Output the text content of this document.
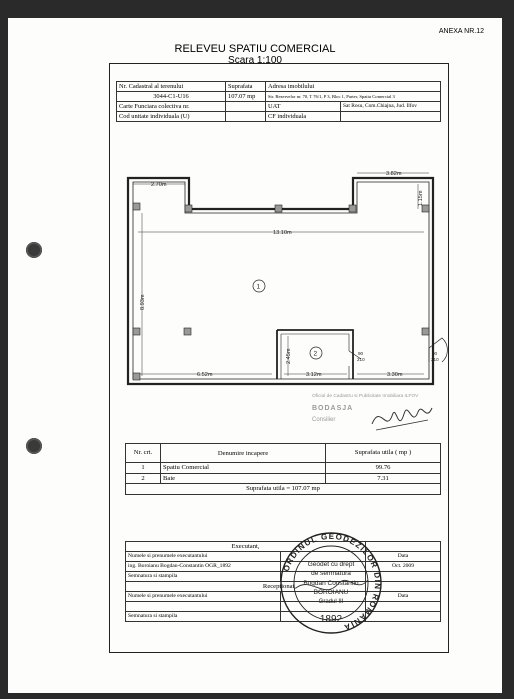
ANEXA NR.12
RELEVEU SPATIU COMERCIAL
Scara 1:100
Nr. Cadastral al terenului	Suprafata	Adresa imobilului	
3044-C1-U16	107.07 mp	Str. Rezervelor nr. 70, T 76/1, P 3, Bloc 1, Parter, Spatiu Comercial 3	
Carte Funciara colectiva nr.		UAT	Sat Rosu, Com.Chiajna, Jud. Ilfov
Cod unitate individuala (U)		CF individuala	
2.70m
3.82m
1.15m
13.10m
8.93m
2.45m
6.52m	3.12m	3.30m
1
2	90
210
90
210
Oficiul de Cadastru si Publicitate Imobiliara ILFOV
BODASJA
Consilier
Nr. crt.	Denumire incapere	Suprafata utila ( mp )
1	Spatiu Comercial	99.76
2	Baie	7.31
Suprafata utila = 107.07 mp		
Executant,		
Numele si prenumele executantului		Data
ing. Boroianu Bogdan-Constantin OGR_1892		Oct. 2009
Semnatura si stampila		
Receptionat,		
Numele si prenumele executantului		Data

Semnatura si stampila		
ORDINUL GEODEZILOR DIN ROMANIA
Geodet cu drept
de semnatura
Bogdan Constantin
BOROIANU
Gradul III
1892
